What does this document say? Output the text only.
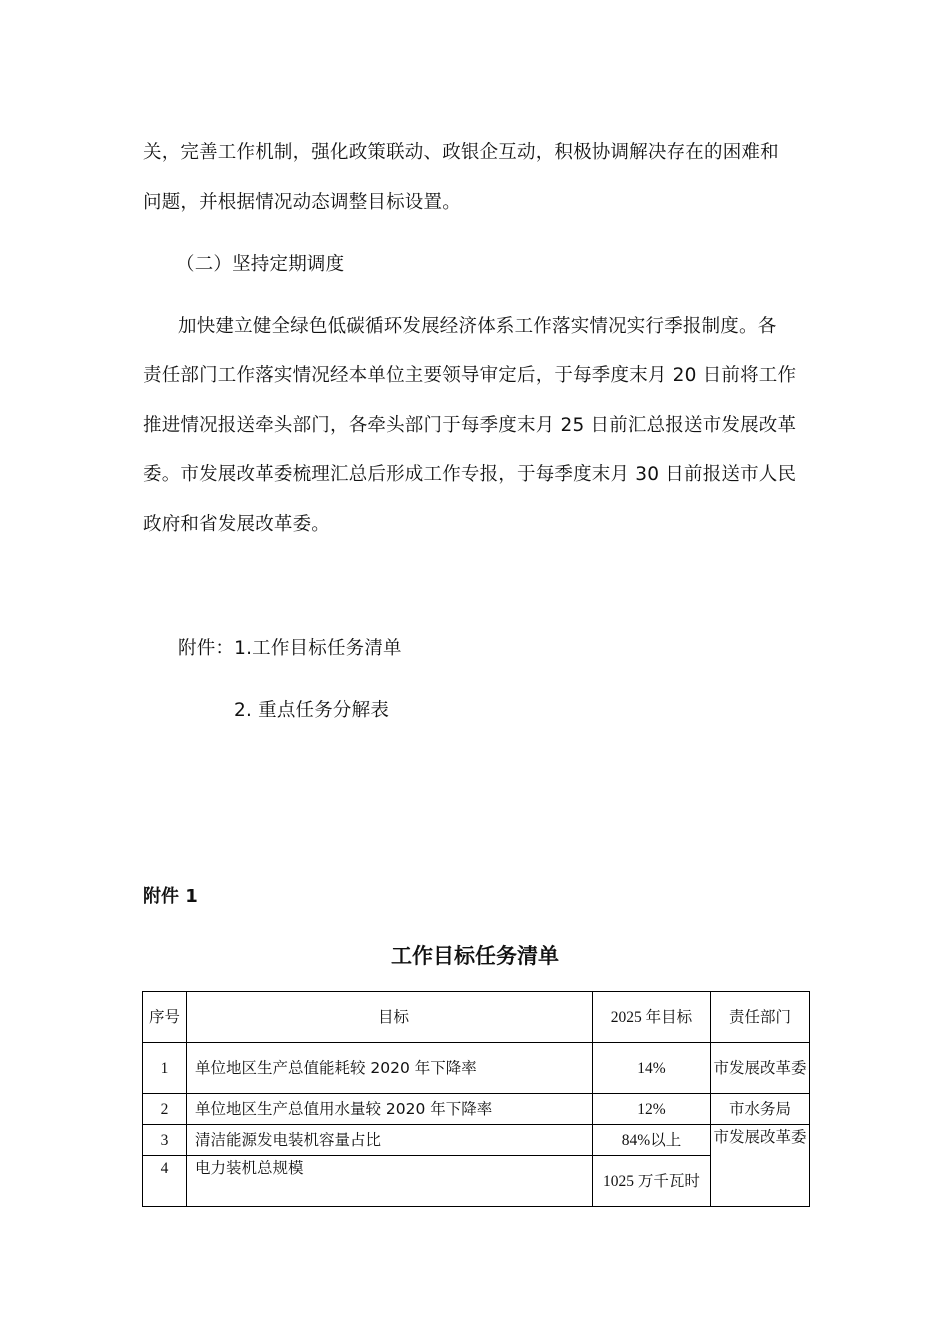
关，完善工作机制，强化政策联动、政银企互动，积极协调解决存在的困难和
问题，并根据情况动态调整目标设置。
（二）坚持定期调度
加快建立健全绿色低碳循环发展经济体系工作落实情况实行季报制度。各
责任部门工作落实情况经本单位主要领导审定后，于每季度末月 20 日前将工作
推进情况报送牵头部门，各牵头部门于每季度末月 25 日前汇总报送市发展改革
委。市发展改革委梳理汇总后形成工作专报，于每季度末月 30 日前报送市人民
政府和省发展改革委。
附件：1.工作目标任务清单
2. 重点任务分解表
附件 1
工作目标任务清单
序号	目标	2025 年目标	责任部门
1	单位地区生产总值能耗较 2020 年下降率	14%	市发展改革委
2	单位地区生产总值用水量较 2020 年下降率	12%	市水务局
3	清洁能源发电装机容量占比	84%以上	市发展改革委
4	电力装机总规模	1025 万千瓦时	
